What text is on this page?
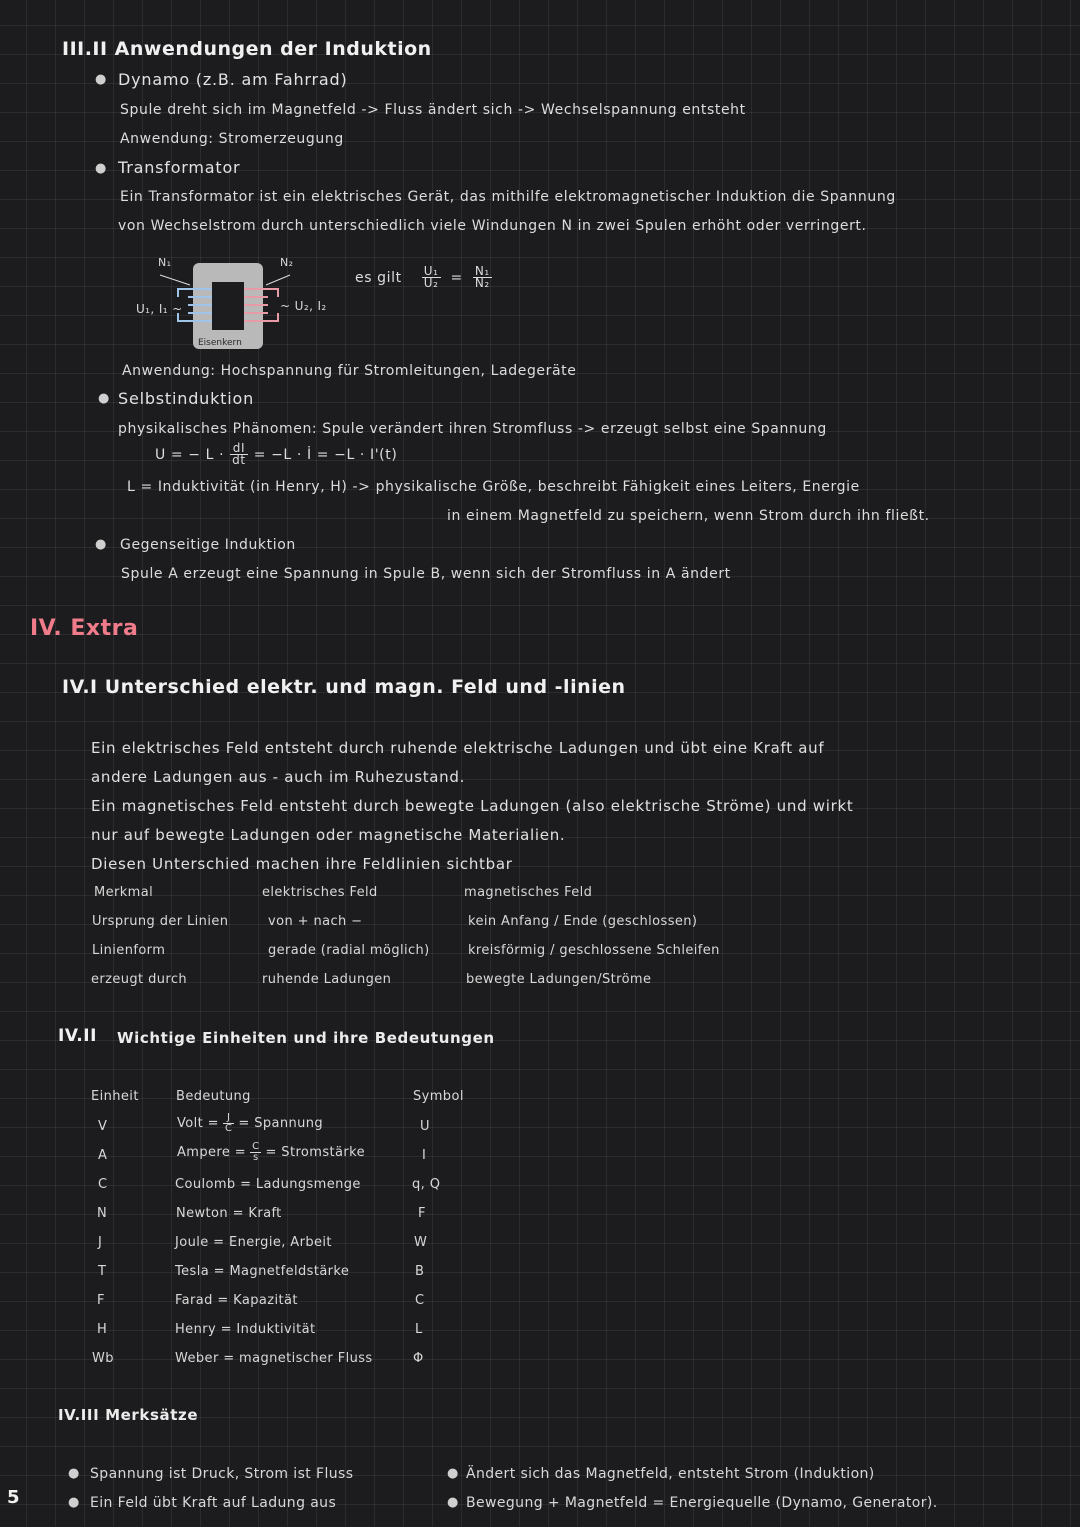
III.II Anwendungen der Induktion
● Dynamo (z.B. am Fahrrad)
Spule dreht sich im Magnetfeld -> Fluss ändert sich -> Wechselspannung entsteht
Anwendung: Stromerzeugung
● Transformator
Ein Transformator ist ein elektrisches Gerät, das mithilfe elektromagnetischer Induktion die Spannung
von Wechselstrom durch unterschiedlich viele Windungen N in zwei Spulen erhöht oder verringert.
N₁	N₂
U₁, I₁ ~	~ U₂, I₂
Eisenkern
es gilt $\frac{\text{U₁}}{\text{U₂}} = \frac{\text{N₁}}{\text{N₂}}$
Anwendung: Hochspannung für Stromleitungen, Ladegeräte
● Selbstinduktion
physikalisches Phänomen: Spule verändert ihren Stromfluss -> erzeugt selbst eine Spannung
U = − $L \cdot \frac{dI}{dt} = -L$ · İ = −L · I'(t)
L = Induktivität (in Henry, H) -> physikalische Größe, beschreibt Fähigkeit eines Leiters, Energie
in einem Magnetfeld zu speichern, wenn Strom durch ihn fließt.
● Gegenseitige Induktion
Spule A erzeugt eine Spannung in Spule B, wenn sich der Stromfluss in A ändert
IV. Extra
IV.I Unterschied elektr. und magn. Feld und -linien
Ein elektrisches Feld entsteht durch ruhende elektrische Ladungen und übt eine Kraft auf
andere Ladungen aus - auch im Ruhezustand.
Ein magnetisches Feld entsteht durch bewegte Ladungen (also elektrische Ströme) und wirkt
nur auf bewegte Ladungen oder magnetische Materialien.
Diesen Unterschied machen ihre Feldlinien sichtbar
Merkmal	elektrisches Feld	magnetisches Feld
Ursprung der Linien	von + nach −	kein Anfang / Ende (geschlossen)
Linienform	gerade (radial möglich)	kreisförmig / geschlossene Schleifen
erzeugt durch	ruhende Ladungen	bewegte Ladungen/Ströme
IV.II Wichtige Einheiten und ihre Bedeutungen
Einheit	Bedeutung	Symbol
V	Volt = $\frac{J}{C}$ = Spannung	U
A	Ampere = $\frac{C}{s}$ = Stromstärke	I
C	Coulomb = Ladungsmenge	q, Q
N	Newton = Kraft	F
J	Joule = Energie, Arbeit	W
T	Tesla = Magnetfeldstärke	B
F	Farad = Kapazität	C
H	Henry = Induktivität	L
Wb	Weber = magnetischer Fluss	Φ
IV.III Merksätze
● Spannung ist Druck, Strom ist Fluss
● Ein Feld übt Kraft auf Ladung aus
● Ändert sich das Magnetfeld, entsteht Strom (Induktion)
● Bewegung + Magnetfeld = Energiequelle (Dynamo, Generator).
5
